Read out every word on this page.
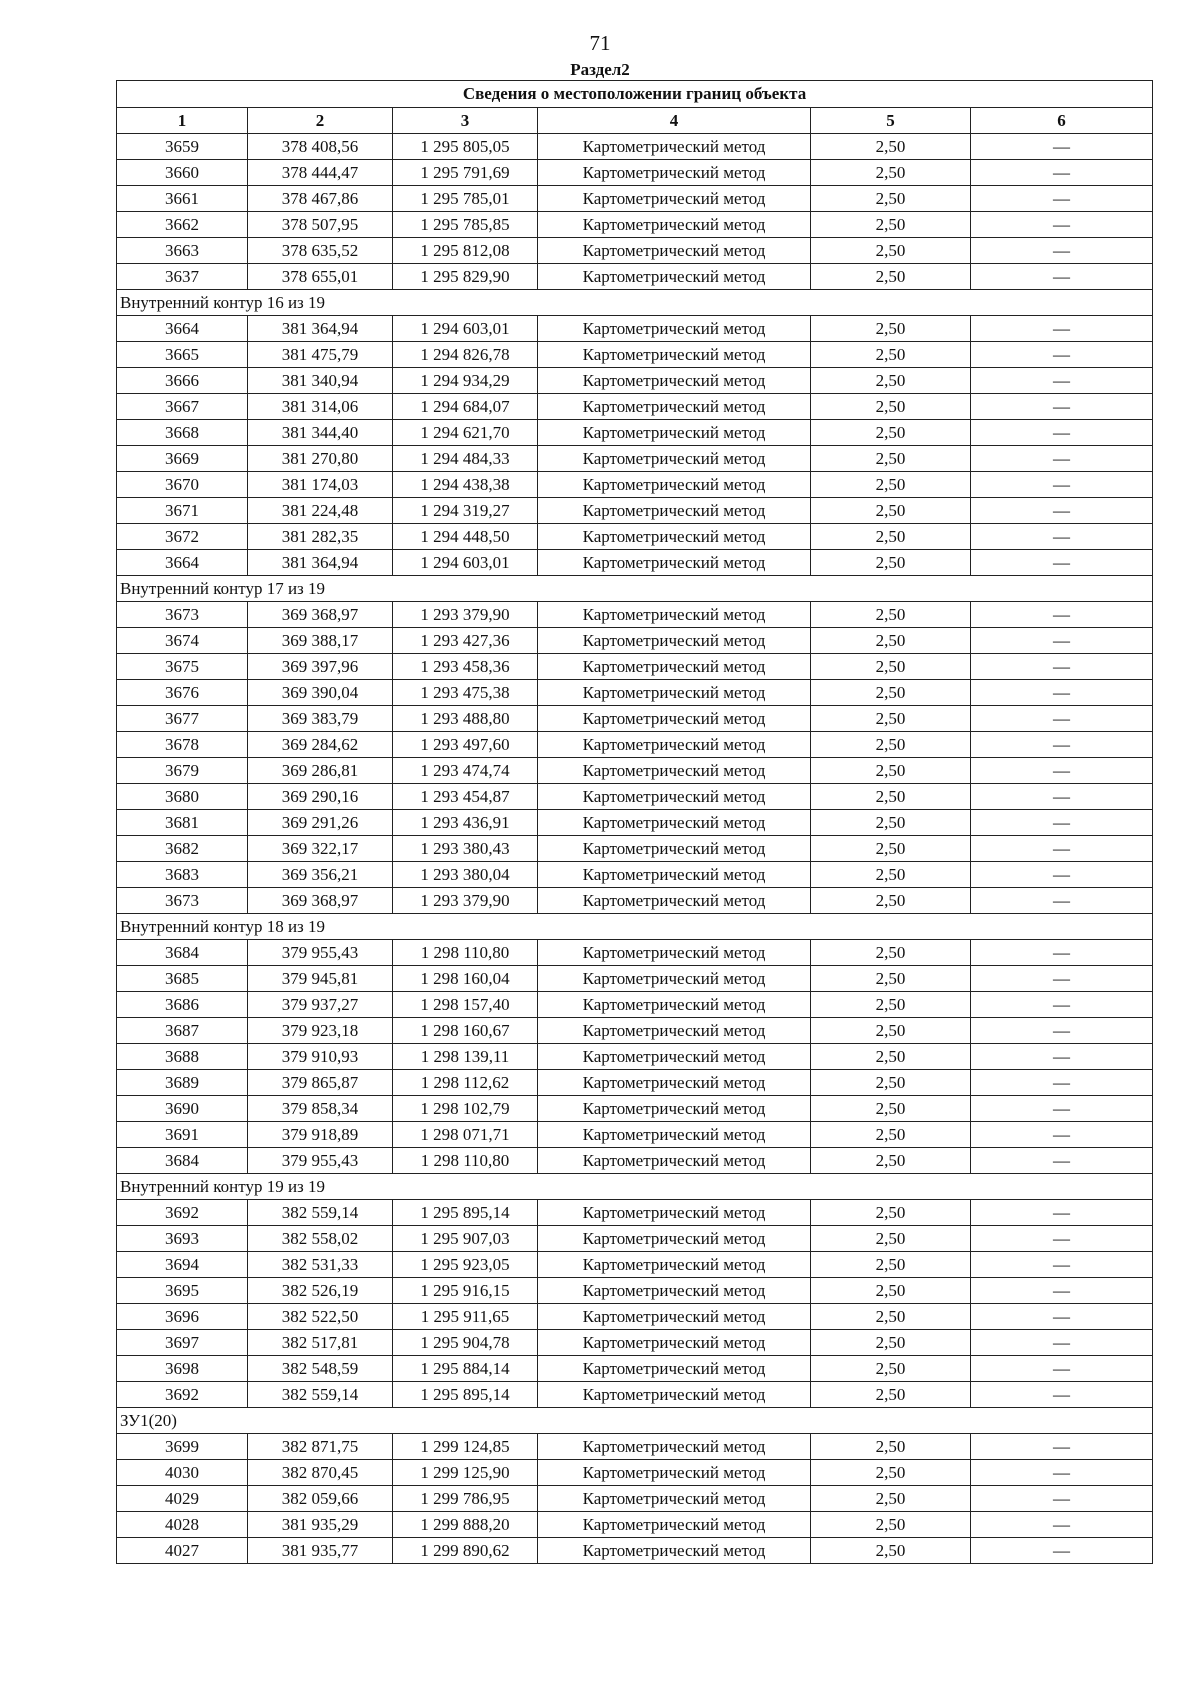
71
Раздел2
Сведения о местоположении границ объекта					
1	2	3	4	5	6
3659	378 408,56	1 295 805,05	Картометрический метод	2,50	—
3660	378 444,47	1 295 791,69	Картометрический метод	2,50	—
3661	378 467,86	1 295 785,01	Картометрический метод	2,50	—
3662	378 507,95	1 295 785,85	Картометрический метод	2,50	—
3663	378 635,52	1 295 812,08	Картометрический метод	2,50	—
3637	378 655,01	1 295 829,90	Картометрический метод	2,50	—
Внутренний контур 16 из 19					
3664	381 364,94	1 294 603,01	Картометрический метод	2,50	—
3665	381 475,79	1 294 826,78	Картометрический метод	2,50	—
3666	381 340,94	1 294 934,29	Картометрический метод	2,50	—
3667	381 314,06	1 294 684,07	Картометрический метод	2,50	—
3668	381 344,40	1 294 621,70	Картометрический метод	2,50	—
3669	381 270,80	1 294 484,33	Картометрический метод	2,50	—
3670	381 174,03	1 294 438,38	Картометрический метод	2,50	—
3671	381 224,48	1 294 319,27	Картометрический метод	2,50	—
3672	381 282,35	1 294 448,50	Картометрический метод	2,50	—
3664	381 364,94	1 294 603,01	Картометрический метод	2,50	—
Внутренний контур 17 из 19					
3673	369 368,97	1 293 379,90	Картометрический метод	2,50	—
3674	369 388,17	1 293 427,36	Картометрический метод	2,50	—
3675	369 397,96	1 293 458,36	Картометрический метод	2,50	—
3676	369 390,04	1 293 475,38	Картометрический метод	2,50	—
3677	369 383,79	1 293 488,80	Картометрический метод	2,50	—
3678	369 284,62	1 293 497,60	Картометрический метод	2,50	—
3679	369 286,81	1 293 474,74	Картометрический метод	2,50	—
3680	369 290,16	1 293 454,87	Картометрический метод	2,50	—
3681	369 291,26	1 293 436,91	Картометрический метод	2,50	—
3682	369 322,17	1 293 380,43	Картометрический метод	2,50	—
3683	369 356,21	1 293 380,04	Картометрический метод	2,50	—
3673	369 368,97	1 293 379,90	Картометрический метод	2,50	—
Внутренний контур 18 из 19					
3684	379 955,43	1 298 110,80	Картометрический метод	2,50	—
3685	379 945,81	1 298 160,04	Картометрический метод	2,50	—
3686	379 937,27	1 298 157,40	Картометрический метод	2,50	—
3687	379 923,18	1 298 160,67	Картометрический метод	2,50	—
3688	379 910,93	1 298 139,11	Картометрический метод	2,50	—
3689	379 865,87	1 298 112,62	Картометрический метод	2,50	—
3690	379 858,34	1 298 102,79	Картометрический метод	2,50	—
3691	379 918,89	1 298 071,71	Картометрический метод	2,50	—
3684	379 955,43	1 298 110,80	Картометрический метод	2,50	—
Внутренний контур 19 из 19					
3692	382 559,14	1 295 895,14	Картометрический метод	2,50	—
3693	382 558,02	1 295 907,03	Картометрический метод	2,50	—
3694	382 531,33	1 295 923,05	Картометрический метод	2,50	—
3695	382 526,19	1 295 916,15	Картометрический метод	2,50	—
3696	382 522,50	1 295 911,65	Картометрический метод	2,50	—
3697	382 517,81	1 295 904,78	Картометрический метод	2,50	—
3698	382 548,59	1 295 884,14	Картометрический метод	2,50	—
3692	382 559,14	1 295 895,14	Картометрический метод	2,50	—
ЗУ1(20)					
3699	382 871,75	1 299 124,85	Картометрический метод	2,50	—
4030	382 870,45	1 299 125,90	Картометрический метод	2,50	—
4029	382 059,66	1 299 786,95	Картометрический метод	2,50	—
4028	381 935,29	1 299 888,20	Картометрический метод	2,50	—
4027	381 935,77	1 299 890,62	Картометрический метод	2,50	—
